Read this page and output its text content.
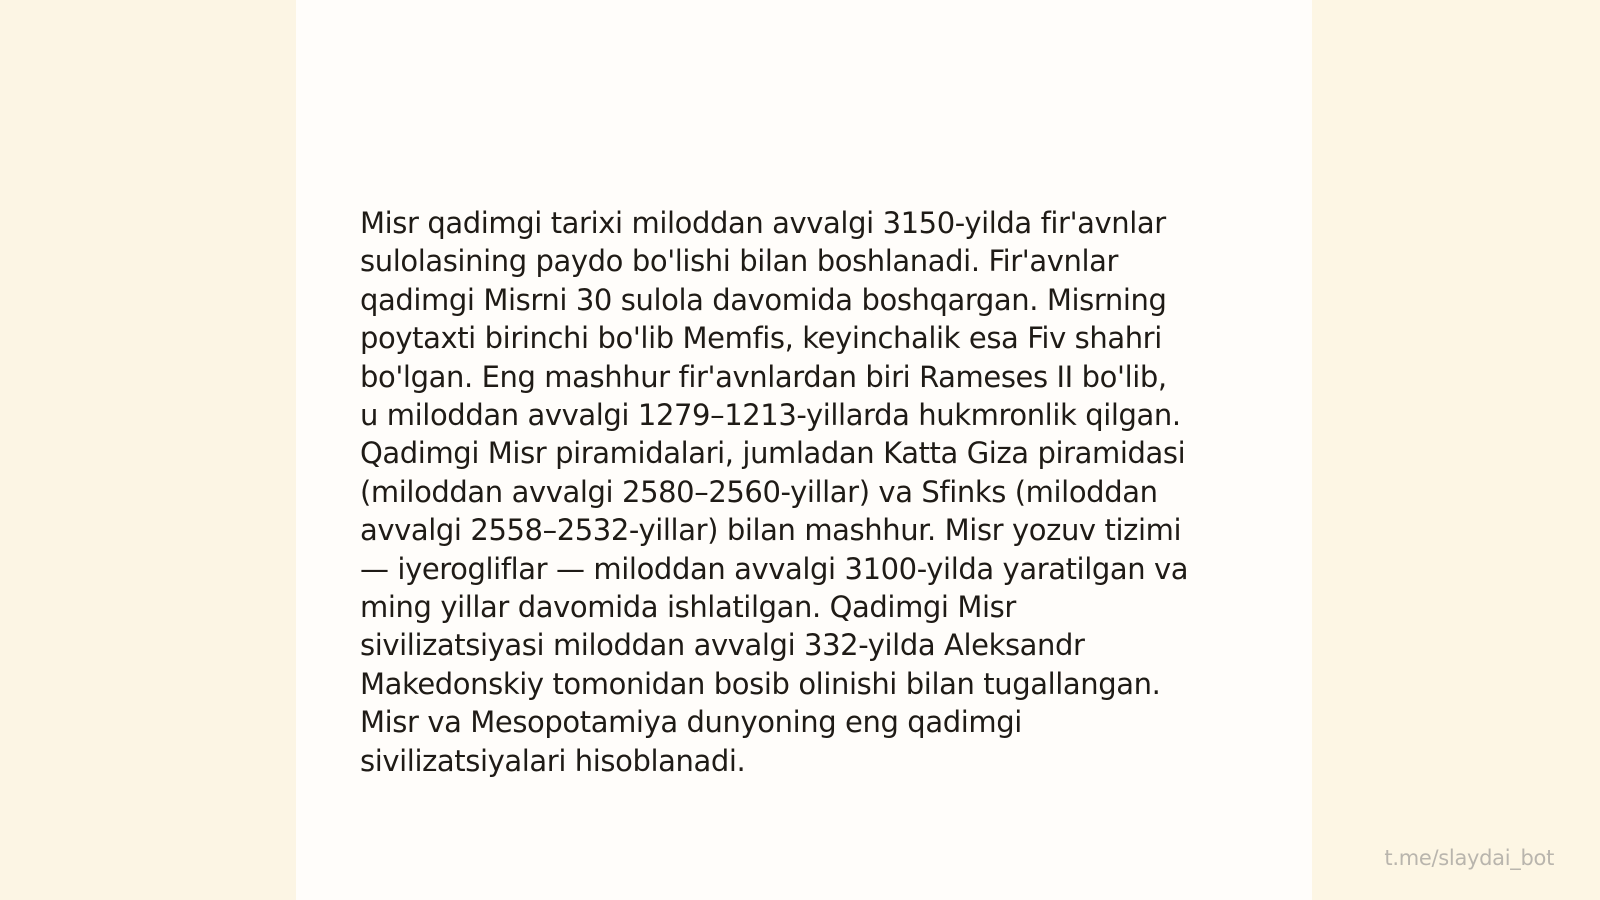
Misr qadimgi tarixi miloddan avvalgi 3150-yilda fir'avnlar
sulolasining paydo bo'lishi bilan boshlanadi. Fir'avnlar
qadimgi Misrni 30 sulola davomida boshqargan. Misrning
poytaxti birinchi bo'lib Memfis, keyinchalik esa Fiv shahri
bo'lgan. Eng mashhur fir'avnlardan biri Rameses II bo'lib,
u miloddan avvalgi 1279–1213-yillarda hukmronlik qilgan.
Qadimgi Misr piramidalari, jumladan Katta Giza piramidasi
(miloddan avvalgi 2580–2560-yillar) va Sfinks (miloddan
avvalgi 2558–2532-yillar) bilan mashhur. Misr yozuv tizimi
— iyerogliflar — miloddan avvalgi 3100-yilda yaratilgan va
ming yillar davomida ishlatilgan. Qadimgi Misr
sivilizatsiyasi miloddan avvalgi 332-yilda Aleksandr
Makedonskiy tomonidan bosib olinishi bilan tugallangan.
Misr va Mesopotamiya dunyoning eng qadimgi
sivilizatsiyalari hisoblanadi.

t.me/slaydai_bot
